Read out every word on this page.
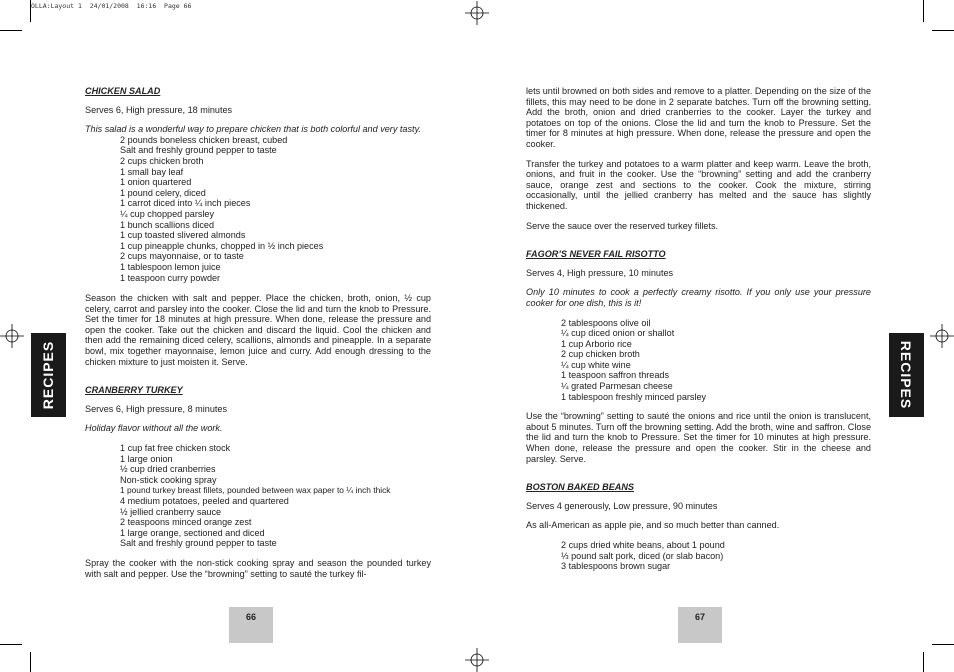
OLLA:Layout 1  24/01/2008  16:16  Page 66
RECIPES	RECIPES
CHICKEN SALAD

Serves 6, High pressure, 18 minutes

This salad is a wonderful way to prepare chicken that is both colorful and very tasty.

2 pounds boneless chicken breast, cubed
Salt and freshly ground pepper to taste
2 cups chicken broth
1 small bay leaf
1 onion quartered
1 pound celery, diced
1 carrot diced into ¼ inch pieces
¼ cup chopped parsley
1 bunch scallions diced
1 cup toasted slivered almonds
1 cup pineapple chunks, chopped in ½ inch pieces
2 cups mayonnaise, or to taste
1 tablespoon lemon juice
1 teaspoon curry powder

Season the chicken with salt and pepper. Place the chicken, broth, onion, ½ cup celery, carrot and parsley into the cooker. Close the lid and turn the knob to Pressure. Set the timer for 18 minutes at high pressure. When done, release the pressure and open the cooker. Take out the chicken and discard the liquid. Cool the chicken and then add the remaining diced celery, scallions, almonds and pineapple. In a separate bowl, mix together mayonnaise, lemon juice and curry. Add enough dressing to the chicken mixture to just moisten it. Serve.

CRANBERRY TURKEY

Serves 6, High pressure, 8 minutes

Holiday flavor without all the work.

1 cup fat free chicken stock
1 large onion
½ cup dried cranberries
Non-stick cooking spray
1 pound turkey breast fillets, pounded between wax paper to ¼ inch thick
4 medium potatoes, peeled and quartered
½ jellied cranberry sauce
2 teaspoons minced orange zest
1 large orange, sectioned and diced
Salt and freshly ground pepper to taste

Spray the cooker with the non-stick cooking spray and season the pounded turkey with salt and pepper. Use the “browning” setting to sauté the turkey fil-

66

lets until browned on both sides and remove to a platter. Depending on the size of the fillets, this may need to be done in 2 separate batches. Turn off the browning setting. Add the broth, onion and dried cranberries to the cooker. Layer the turkey and potatoes on top of the onions. Close the lid and turn the knob to Pressure. Set the timer for 8 minutes at high pressure. When done, release the pressure and open the cooker.

Transfer the turkey and potatoes to a warm platter and keep warm. Leave the broth, onions, and fruit in the cooker. Use the “browning” setting and add the cranberry sauce, orange zest and sections to the cooker. Cook the mixture, stirring occasionally, until the jellied cranberry has melted and the sauce has slightly thickened.

Serve the sauce over the reserved turkey fillets.

FAGOR’S NEVER FAIL RISOTTO

Serves 4, High pressure, 10 minutes

Only 10 minutes to cook a perfectly creamy risotto. If you only use your pressure cooker for one dish, this is it!

2 tablespoons olive oil
¼ cup diced onion or shallot
1 cup Arborio rice
2 cup chicken broth
¼ cup white wine
1 teaspoon saffron threads
¼ grated Parmesan cheese
1 tablespoon freshly minced parsley

Use the “browning” setting to sauté the onions and rice until the onion is translucent, about 5 minutes. Turn off the browning setting. Add the broth, wine and saffron. Close the lid and turn the knob to Pressure. Set the timer for 10 minutes at high pressure. When done, release the pressure and open the cooker. Stir in the cheese and parsley. Serve.

BOSTON BAKED BEANS

Serves 4 generously, Low pressure, 90 minutes

As all-American as apple pie, and so much better than canned.

2 cups dried white beans, about 1 pound
⅓ pound salt pork, diced (or slab bacon)
3 tablespoons brown sugar
67
